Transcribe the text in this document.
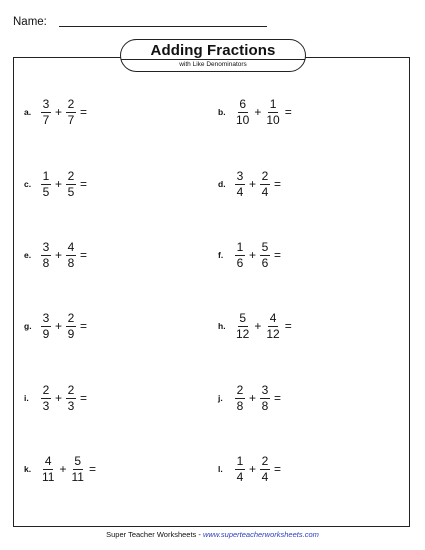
Name:
Adding Fractions
with Like Denominators
a. $\frac{3}{7} + \frac{2}{7}$ =	b. $\frac{6}{10} + \frac{1}{10}$ =
c. $\frac{1}{5} + \frac{2}{5}$ =	d. $\frac{3}{4} + \frac{2}{4}$ =
e. $\frac{3}{8} + \frac{4}{8}$ =	f. $\frac{1}{6} + \frac{5}{6}$ =
g. $\frac{3}{9} + \frac{2}{9}$ =	h. $\frac{5}{12} + \frac{4}{12}$ =
i.	$\frac{2}{3} + \frac{2}{3}$ =	j.	$\frac{2}{8} + \frac{3}{8}$ =
k. $\frac{4}{11} + \frac{5}{11}$ =	l.	$\frac{1}{4} + \frac{2}{4}$ =
Super Teacher Worksheets - www.superteacherworksheets.com
